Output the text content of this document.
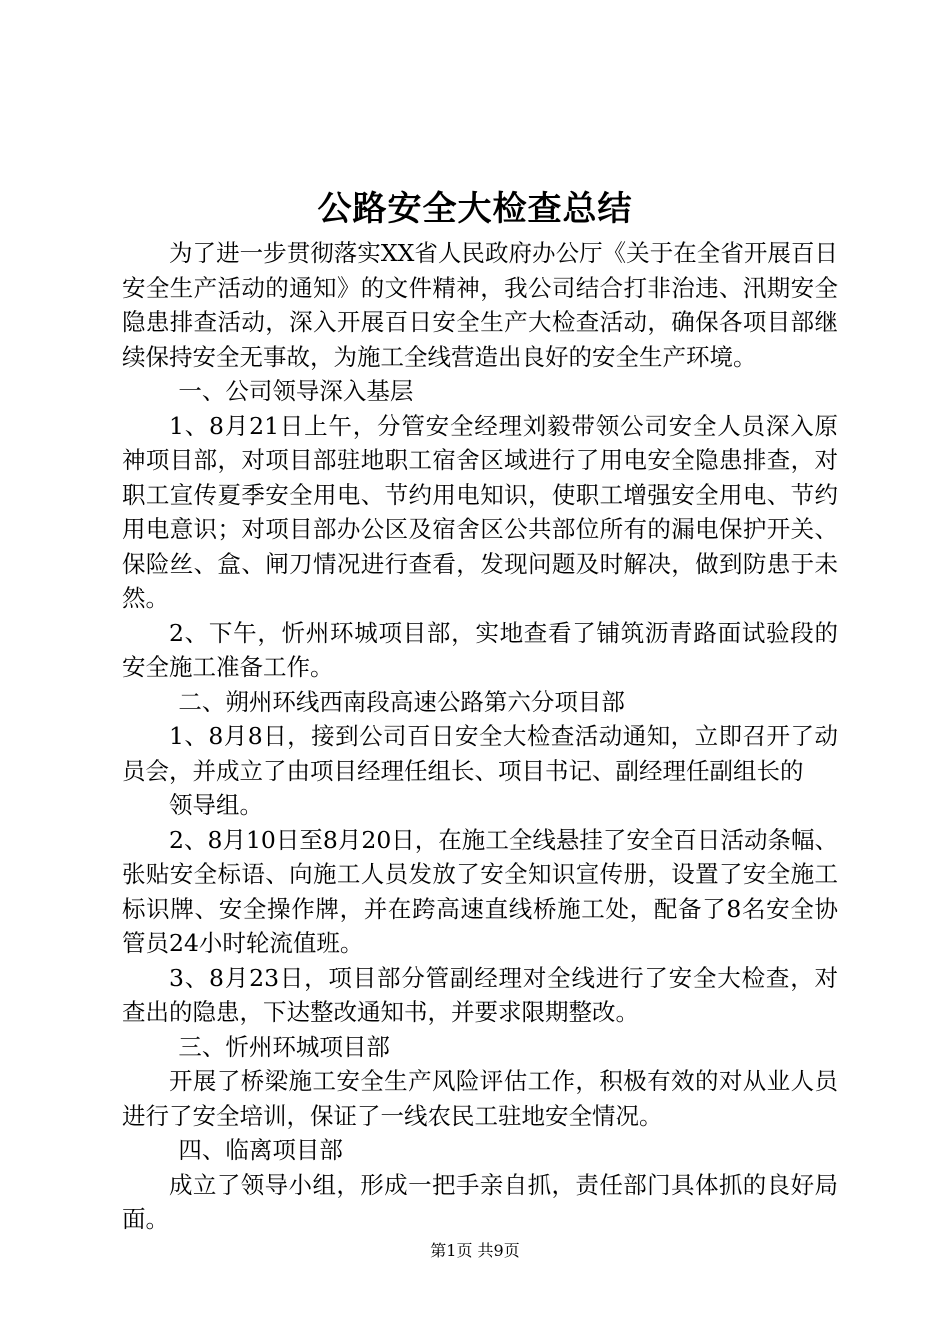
公路安全大检查总结

为了进一步贯彻落实XX省人民政府办公厅《关于在全省开展百日安全生产活动的通知》的文件精神，我公司结合打非治违、汛期安全隐患排查活动，深入开展百日安全生产大检查活动，确保各项目部继续保持安全无事故，为施工全线营造出良好的安全生产环境。

一、公司领导深入基层

1、8月21日上午，分管安全经理刘毅带领公司安全人员深入原神项目部，对项目部驻地职工宿舍区域进行了用电安全隐患排查，对职工宣传夏季安全用电、节约用电知识，使职工增强安全用电、节约用电意识；对项目部办公区及宿舍区公共部位所有的漏电保护开关、保险丝、盒、闸刀情况进行查看，发现问题及时解决，做到防患于未然。

2、下午，忻州环城项目部，实地查看了铺筑沥青路面试验段的安全施工准备工作。

二、朔州环线西南段高速公路第六分项目部

1、8月8日，接到公司百日安全大检查活动通知，立即召开了动员会，并成立了由项目经理任组长、项目书记、副经理任副组长的

领导组。

2、8月10日至8月20日，在施工全线悬挂了安全百日活动条幅、张贴安全标语、向施工人员发放了安全知识宣传册，设置了安全施工标识牌、安全操作牌，并在跨高速直线桥施工处，配备了8名安全协管员24小时轮流值班。

3、8月23日，项目部分管副经理对全线进行了安全大检查，对查出的隐患，下达整改通知书，并要求限期整改。

三、忻州环城项目部

开展了桥梁施工安全生产风险评估工作，积极有效的对从业人员进行了安全培训，保证了一线农民工驻地安全情况。

四、临离项目部

成立了领导小组，形成一把手亲自抓，责任部门具体抓的良好局面。

第1页 共9页
